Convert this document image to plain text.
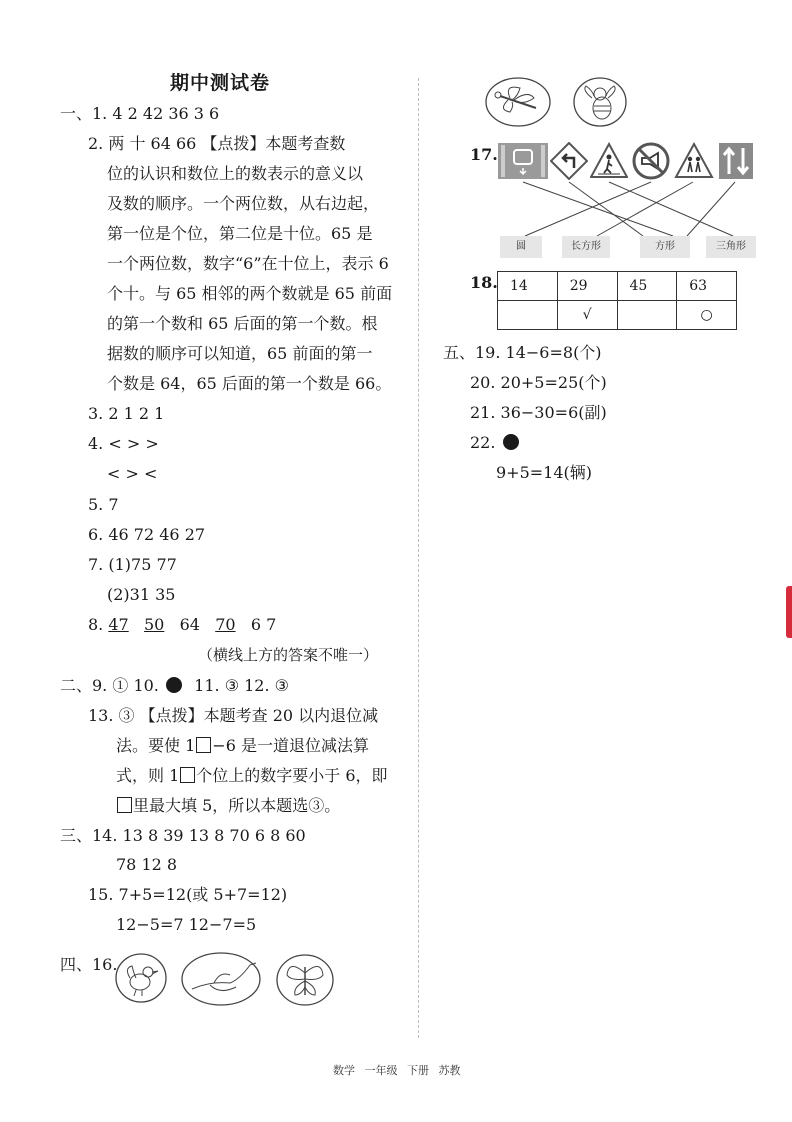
期中测试卷
一、1. 4 2 42 36 3 6
2. 两 十 64 66 【点拨】本题考查数
位的认识和数位上的数表示的意义以
及数的顺序。一个两位数，从右边起，
第一位是个位，第二位是十位。65 是
一个两位数，数字“6”在十位上，表示 6
个十。与 65 相邻的两个数就是 65 前面
的第一个数和 65 后面的第一个数。根
据数的顺序可以知道，65 前面的第一
个数是 64，65 后面的第一个数是 66。
3. 2 1 2 1
4. < > >
< > <
5. 7
6. 46 72 46 27
7. (1)75 77
(2)31 35
8. 47 50 64 70 6 7
（横线上方的答案不唯一）
二、9. ① 10. 11. ③ 12. ③
13. ③ 【点拨】本题考查 20 以内退位减
法。要使 1 −6 是一道退位减法算
式，则 1 个位上的数字要小于 6，即
里最大填 5，所以本题选③。
三、14. 13 8 39 13 8 70 6 8 60
78 12 8
15. 7+5=12(或 5+7=12)
12−5=7 12−7=5
四、16.
17.
圆	长方形	方形	三角形
18. 14	29	45	63
	√		○
五、19. 14−6=8(个)
20. 20+5=25(个)
21. 36−30=6(副)
22.
9+5=14(辆)
数学 一年级 下册 苏教
